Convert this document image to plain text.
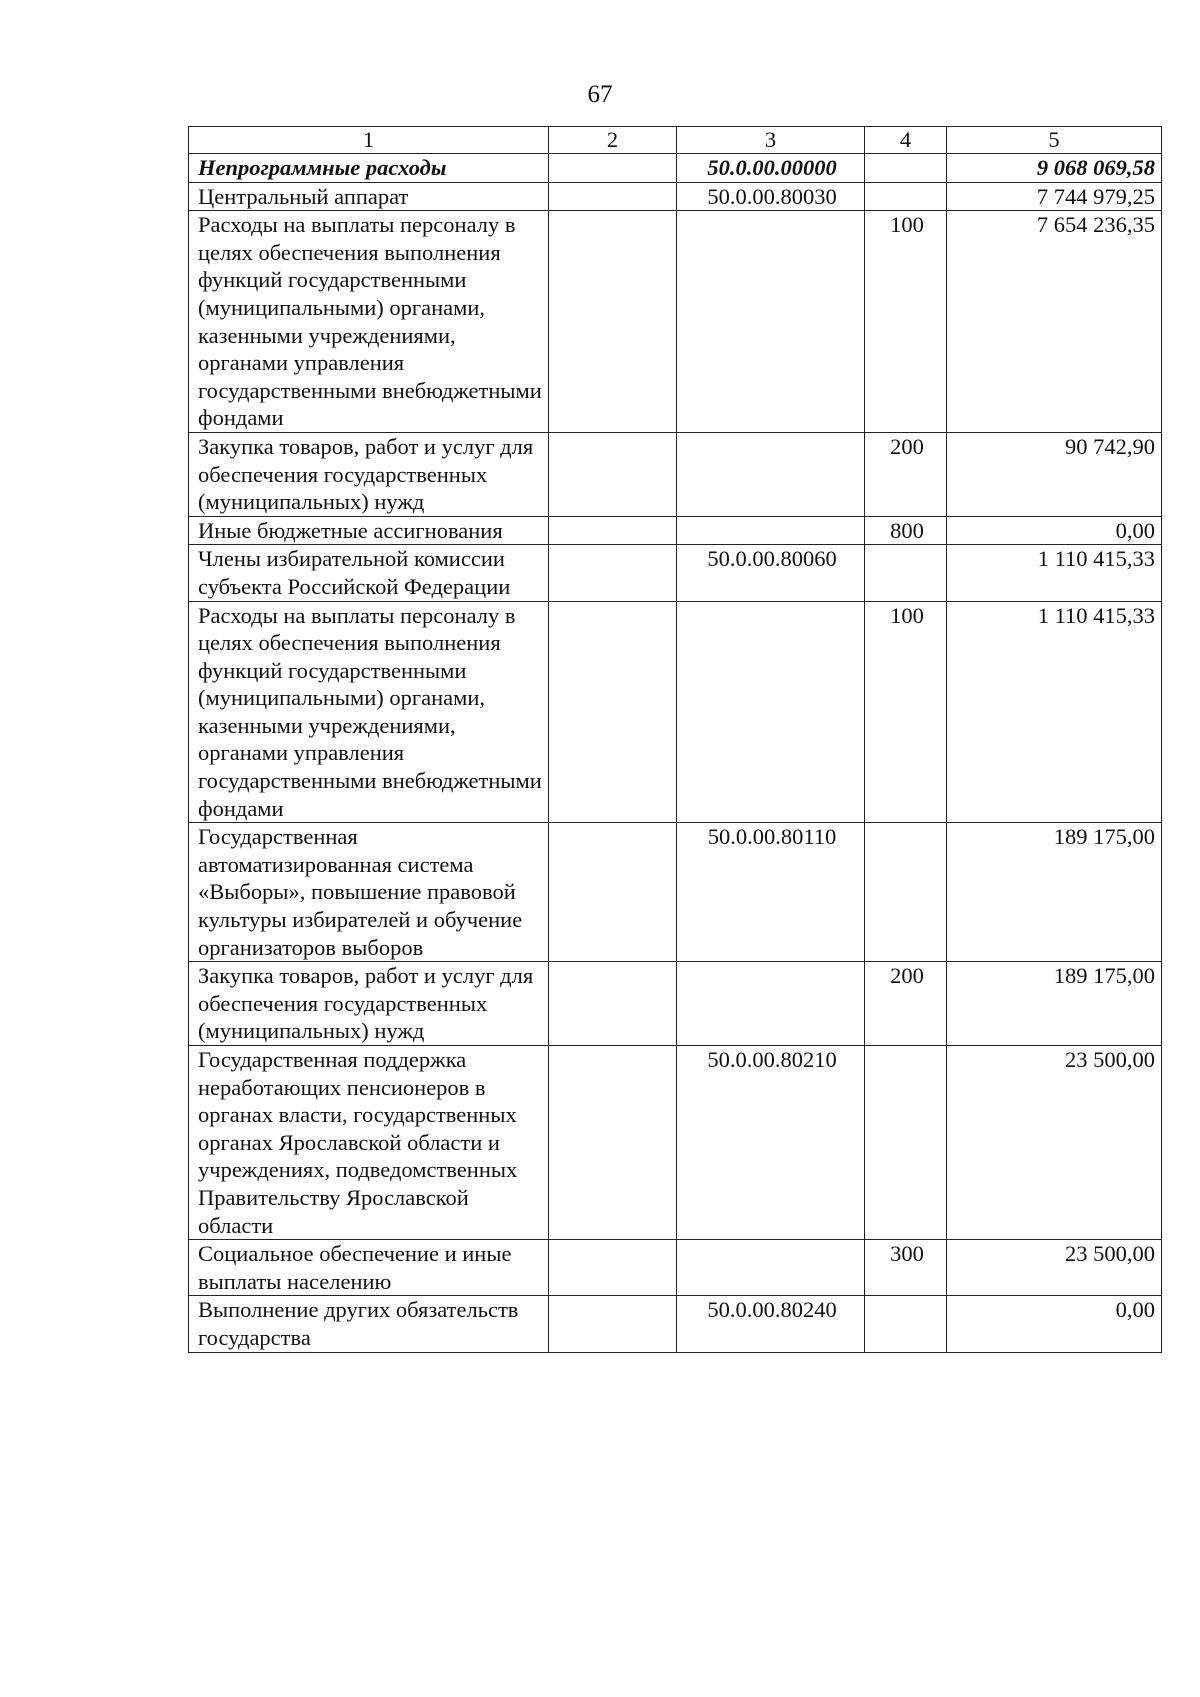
67
1	2	3	4	5
Непрограммные расходы		50.0.00.00000		9 068 069,58
Центральный аппарат		50.0.00.80030		7 744 979,25
Расходы на выплаты персоналу в целях обеспечения выполнения функций государственными (муниципальными) органами, казенными учреждениями, органами управления государственными внебюджетными фондами			100	7 654 236,35
Закупка товаров, работ и услуг для обеспечения государственных (муниципальных) нужд			200	90 742,90
Иные бюджетные ассигнования			800	0,00
Члены избирательной комиссии субъекта Российской Федерации		50.0.00.80060		1 110 415,33
Расходы на выплаты персоналу в целях обеспечения выполнения функций государственными (муниципальными) органами, казенными учреждениями, органами управления государственными внебюджетными фондами			100	1 110 415,33
Государственная автоматизированная система «Выборы», повышение правовой культуры избирателей и обучение организаторов выборов		50.0.00.80110		189 175,00
Закупка товаров, работ и услуг для обеспечения государственных (муниципальных) нужд			200	189 175,00
Государственная поддержка неработающих пенсионеров в органах власти, государственных органах Ярославской области и учреждениях, подведомственных Правительству Ярославской области		50.0.00.80210		23 500,00
Социальное обеспечение и иные выплаты населению			300	23 500,00
Выполнение других обязательств государства		50.0.00.80240		0,00
